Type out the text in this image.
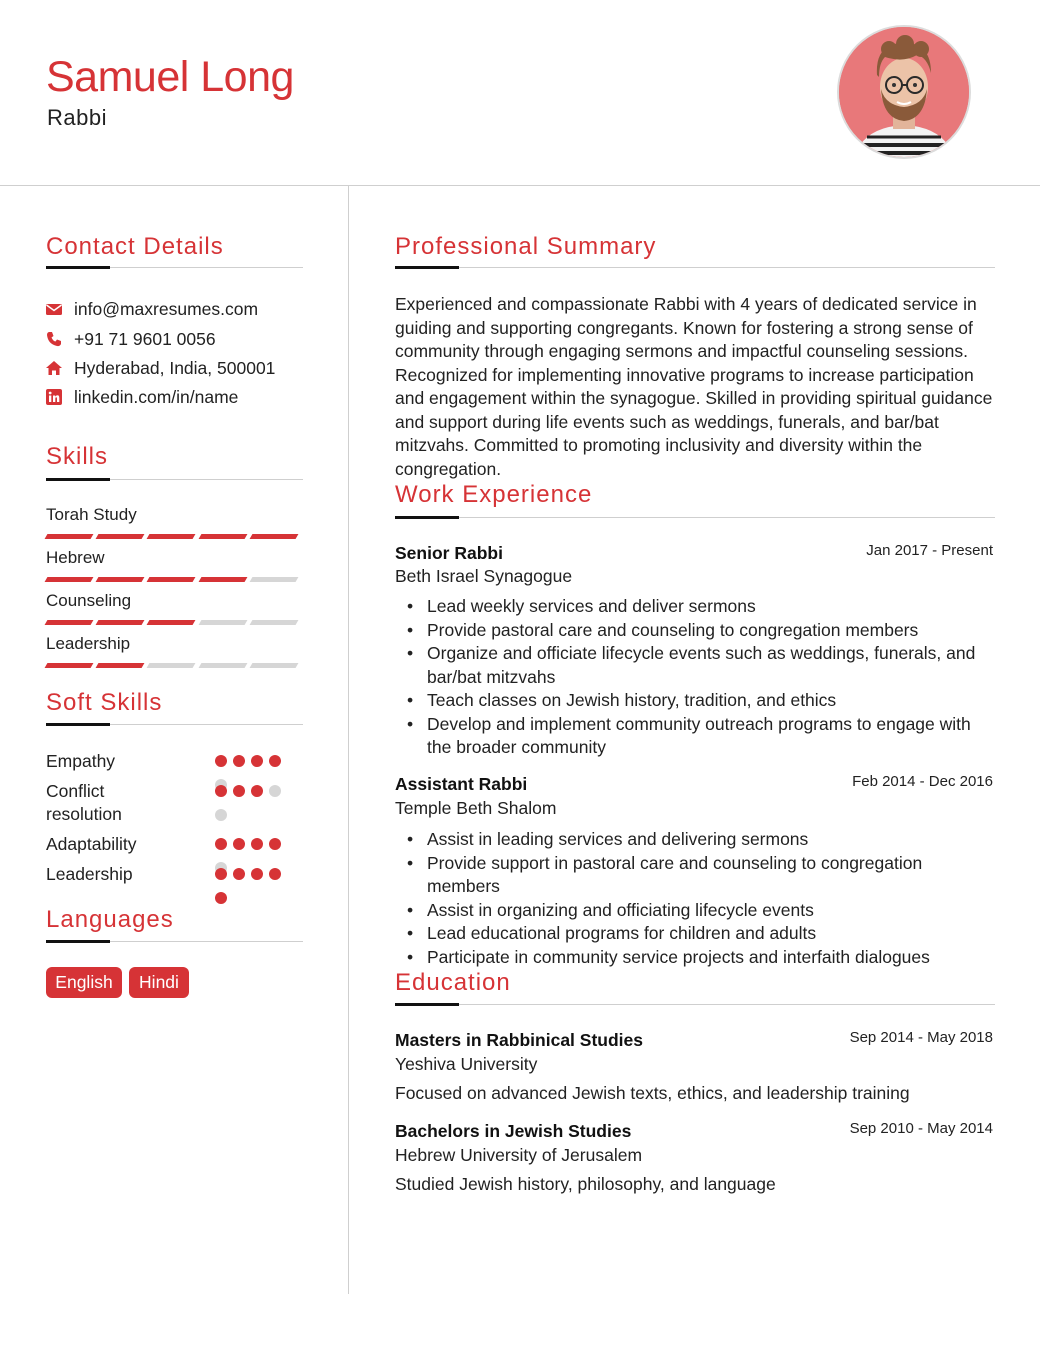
Samuel Long
Rabbi
Contact Details
info@maxresumes.com
+91 71 9601 0056
Hyderabad, India, 500001
linkedin.com/in/name
Skills
Torah Study
Hebrew
Counseling
Leadership
Soft Skills
Empathy
Conflict resolution
Adaptability
Leadership
Languages
English	Hindi
Professional Summary
Experienced and compassionate Rabbi with 4 years of dedicated service in guiding and supporting congregants. Known for fostering a strong sense of community through engaging sermons and impactful counseling sessions. Recognized for implementing innovative programs to increase participation and engagement within the synagogue. Skilled in providing spiritual guidance and support during life events such as weddings, funerals, and bar/bat mitzvahs. Committed to promoting inclusivity and diversity within the congregation.
Work Experience
Senior Rabbi	Jan 2017 - Present
Beth Israel Synagogue
• Lead weekly services and deliver sermons
• Provide pastoral care and counseling to congregation members
• Organize and officiate lifecycle events such as weddings, funerals, and bar/bat mitzvahs
• Teach classes on Jewish history, tradition, and ethics
• Develop and implement community outreach programs to engage with the broader community
Assistant Rabbi	Feb 2014 - Dec 2016
Temple Beth Shalom
• Assist in leading services and delivering sermons
• Provide support in pastoral care and counseling to congregation members
• Assist in organizing and officiating lifecycle events
• Lead educational programs for children and adults
• Participate in community service projects and interfaith dialogues
Education
Masters in Rabbinical Studies	Sep 2014 - May 2018
Yeshiva University
Focused on advanced Jewish texts, ethics, and leadership training
Bachelors in Jewish Studies	Sep 2010 - May 2014
Hebrew University of Jerusalem
Studied Jewish history, philosophy, and language
